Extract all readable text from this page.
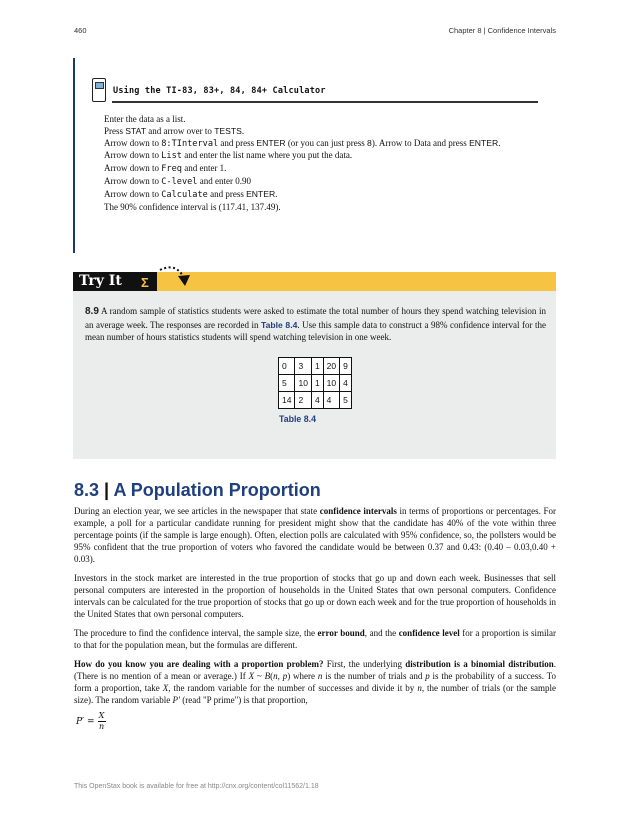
460	Chapter 8 | Confidence Intervals
Using the TI-83, 83+, 84, 84+ Calculator
Enter the data as a list.
Press STAT and arrow over to TESTS.
Arrow down to 8:TInterval and press ENTER (or you can just press 8). Arrow to Data and press ENTER.
Arrow down to List and enter the list name where you put the data.
Arrow down to Freq and enter 1.
Arrow down to C-level and enter 0.90
Arrow down to Calculate and press ENTER.
The 90% confidence interval is (117.41, 137.49).
Try It	Σ
8.9 A random sample of statistics students were asked to estimate the total number of hours they spend watching television in an average week. The responses are recorded in Table 8.4. Use this sample data to construct a 98% confidence interval for the mean number of hours statistics students will spend watching television in one week.
0	3	1	20	9
5	10	1	10	4
14	2	4	4	5
Table 8.4
8.3 | A Population Proportion

During an election year, we see articles in the newspaper that state confidence intervals in terms of proportions or percentages. For example, a poll for a particular candidate running for president might show that the candidate has 40% of the vote within three percentage points (if the sample is large enough). Often, election polls are calculated with 95% confidence, so, the pollsters would be 95% confident that the true proportion of voters who favored the candidate would be between 0.37 and 0.43: (0.40 – 0.03,0.40 + 0.03).

Investors in the stock market are interested in the true proportion of stocks that go up and down each week. Businesses that sell personal computers are interested in the proportion of households in the United States that own personal computers. Confidence intervals can be calculated for the true proportion of stocks that go up or down each week and for the true proportion of households in the United States that own personal computers.

The procedure to find the confidence interval, the sample size, the error bound, and the confidence level for a proportion is similar to that for the population mean, but the formulas are different.

How do you know you are dealing with a proportion problem? First, the underlying distribution is a binomial distribution. (There is no mention of a mean or average.) If X ~ B(n, p) where n is the number of trials and p is the probability of a success. To form a proportion, take X, the random variable for the number of successes and divide it by n, the number of trials (or the sample size). The random variable P′ (read "P prime") is that proportion,

$P' = \frac{X}{n}$
This OpenStax book is available for free at http://cnx.org/content/col11562/1.18
